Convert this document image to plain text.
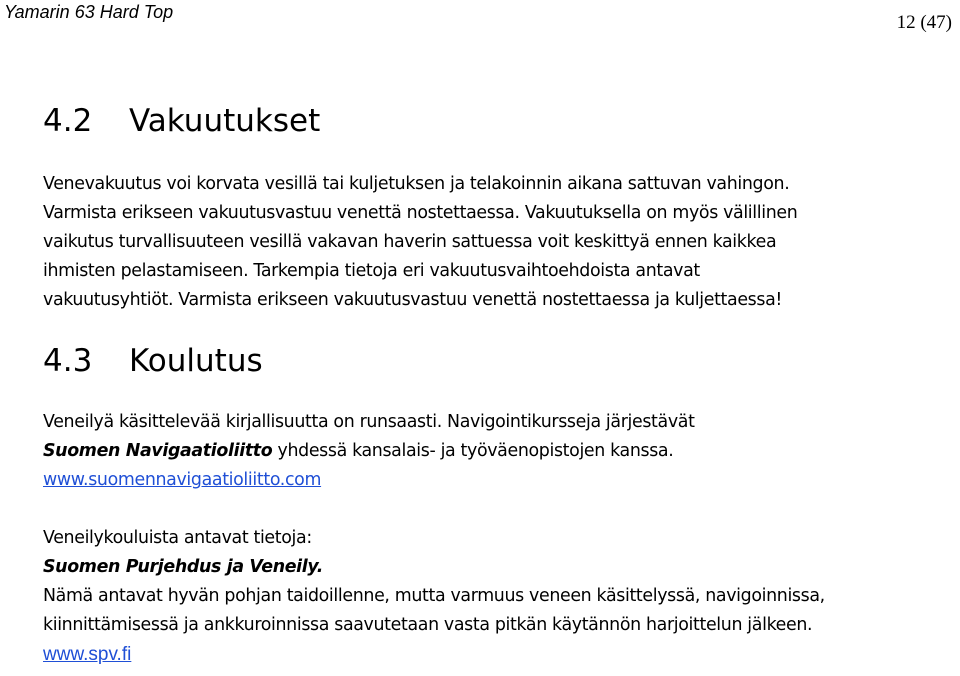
Yamarin 63 Hard Top	12 (47)
4.2 Vakuutukset
Venevakuutus voi korvata vesillä tai kuljetuksen ja telakoinnin aikana sattuvan vahingon.
Varmista erikseen vakuutusvastuu venettä nostettaessa. Vakuutuksella on myös välillinen
vaikutus turvallisuuteen vesillä vakavan haverin sattuessa voit keskittyä ennen kaikkea
ihmisten pelastamiseen. Tarkempia tietoja eri vakuutusvaihtoehdoista antavat
vakuutusyhtiöt. Varmista erikseen vakuutusvastuu venettä nostettaessa ja kuljettaessa!
4.3 Koulutus
Veneilyä käsittelevää kirjallisuutta on runsaasti. Navigointikursseja järjestävät
Suomen Navigaatioliitto yhdessä kansalais- ja työväenopistojen kanssa.
www.suomennavigaatioliitto.com
Veneilykouluista antavat tietoja:
Suomen Purjehdus ja Veneily.
Nämä antavat hyvän pohjan taidoillenne, mutta varmuus veneen käsittelyssä, navigoinnissa,
kiinnittämisessä ja ankkuroinnissa saavutetaan vasta pitkän käytännön harjoittelun jälkeen.
www.spv.fi
